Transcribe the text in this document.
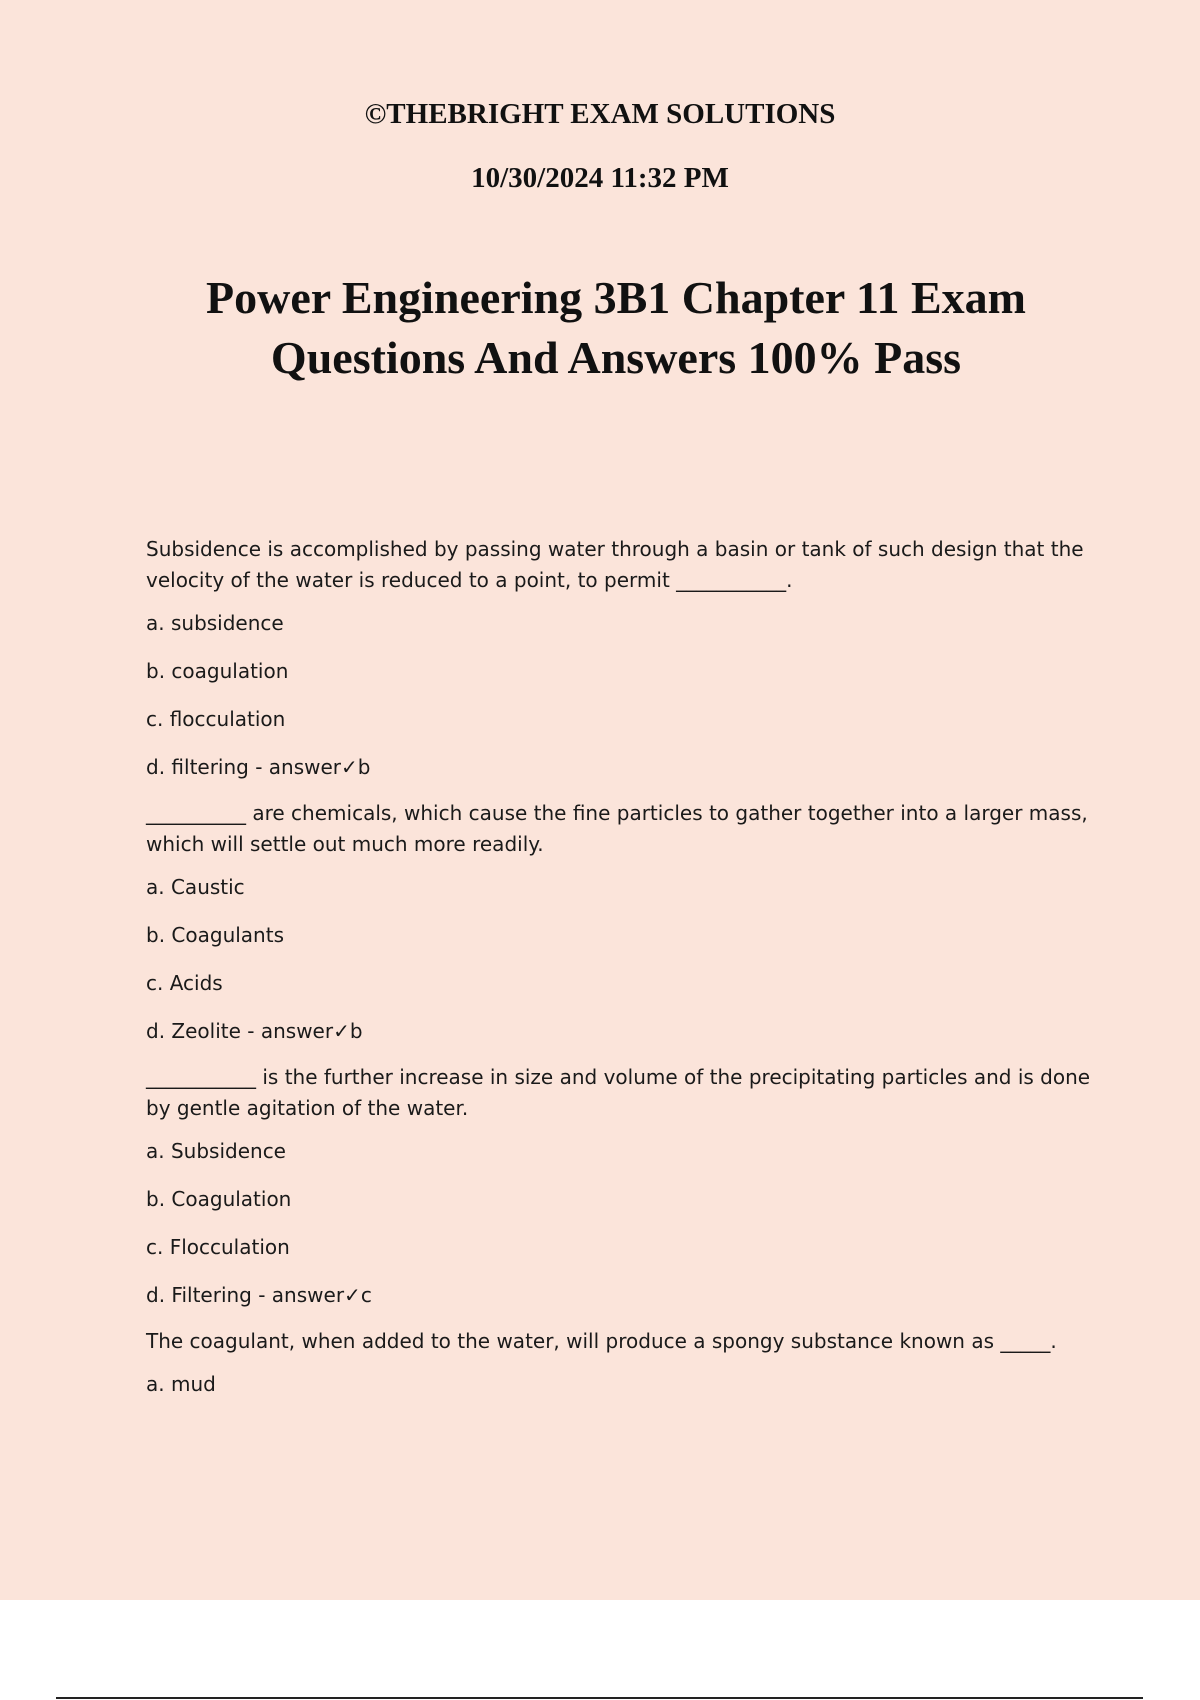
©THEBRIGHT EXAM SOLUTIONS
10/30/2024 11:32 PM
Power Engineering 3B1 Chapter 11 Exam
Questions And Answers 100% Pass
Subsidence is accomplished by passing water through a basin or tank of such design that the
velocity of the water is reduced to a point, to permit ___________.
a. subsidence
b. coagulation
c. flocculation
d. filtering - answer✓b
__________ are chemicals, which cause the fine particles to gather together into a larger mass,
which will settle out much more readily.
a. Caustic
b. Coagulants
c. Acids
d. Zeolite - answer✓b
___________ is the further increase in size and volume of the precipitating particles and is done
by gentle agitation of the water.
a. Subsidence
b. Coagulation
c. Flocculation
d. Filtering - answer✓c
The coagulant, when added to the water, will produce a spongy substance known as _____.
a. mud
